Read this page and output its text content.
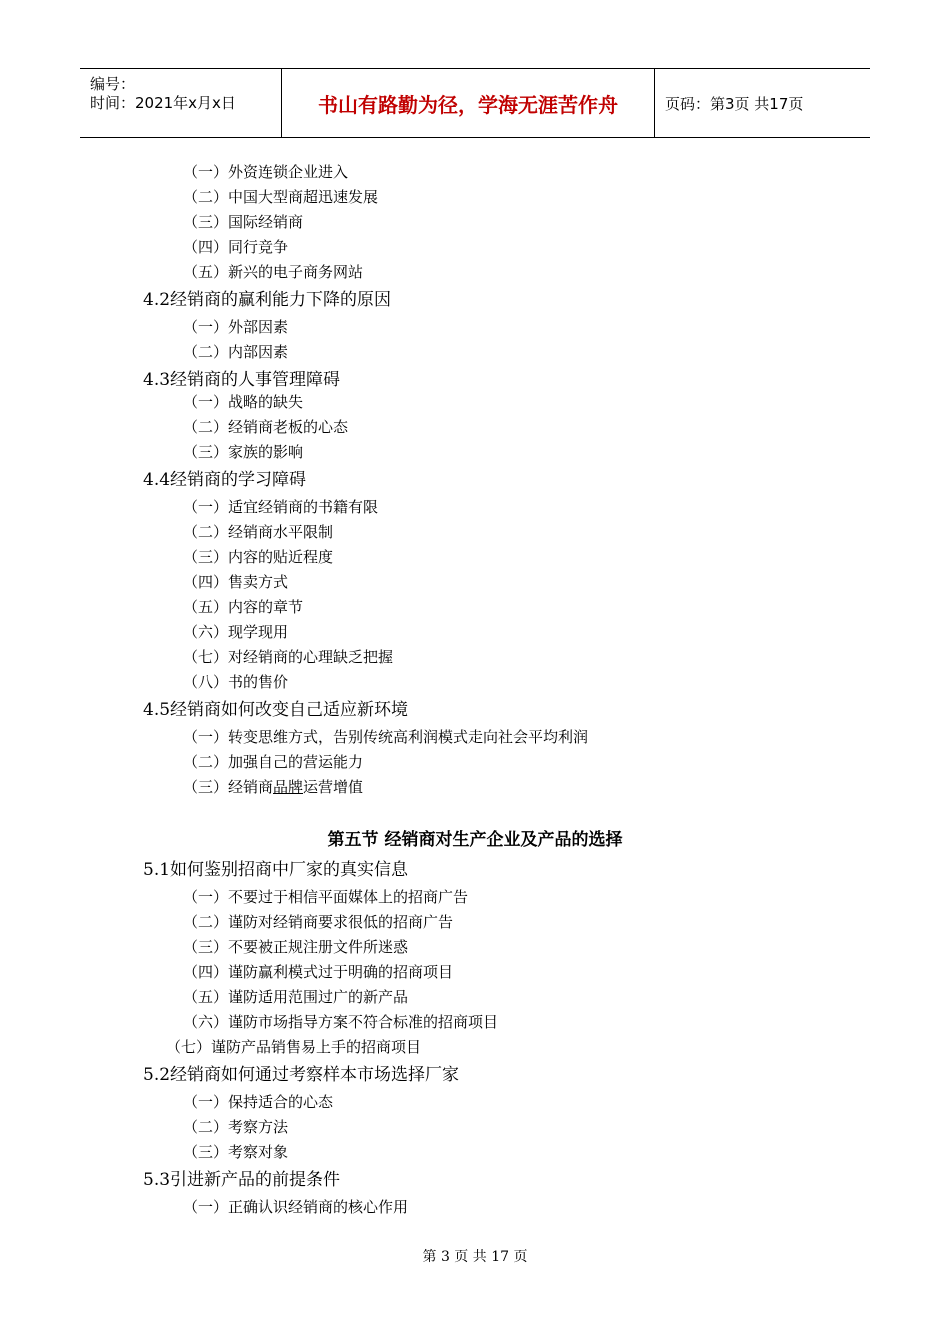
编号：
时间：2021年x月x日	书山有路勤为径，学海无涯苦作舟	页码：第3页 共17页
（一）外资连锁企业进入
（二）中国大型商超迅速发展
（三）国际经销商
（四）同行竞争
（五）新兴的电子商务网站
4.2经销商的赢利能力下降的原因
（一）外部因素
（二）内部因素
4.3经销商的人事管理障碍
（一）战略的缺失
（二）经销商老板的心态
（三）家族的影响
4.4经销商的学习障碍
（一）适宜经销商的书籍有限
（二）经销商水平限制
（三）内容的贴近程度
（四）售卖方式
（五）内容的章节
（六）现学现用
（七）对经销商的心理缺乏把握
（八）书的售价
4.5经销商如何改变自己适应新环境
（一）转变思维方式，告别传统高利润模式走向社会平均利润
（二）加强自己的营运能力
（三）经销商品牌运营增值
第五节 经销商对生产企业及产品的选择
5.1如何鉴别招商中厂家的真实信息
（一）不要过于相信平面媒体上的招商广告
（二）谨防对经销商要求很低的招商广告
（三）不要被正规注册文件所迷惑
（四）谨防赢利模式过于明确的招商项目
（五）谨防适用范围过广的新产品
（六）谨防市场指导方案不符合标准的招商项目
（七）谨防产品销售易上手的招商项目
5.2经销商如何通过考察样本市场选择厂家
（一）保持适合的心态
（二）考察方法
（三）考察对象
5.3引进新产品的前提条件
（一）正确认识经销商的核心作用
第 3 页 共 17 页
